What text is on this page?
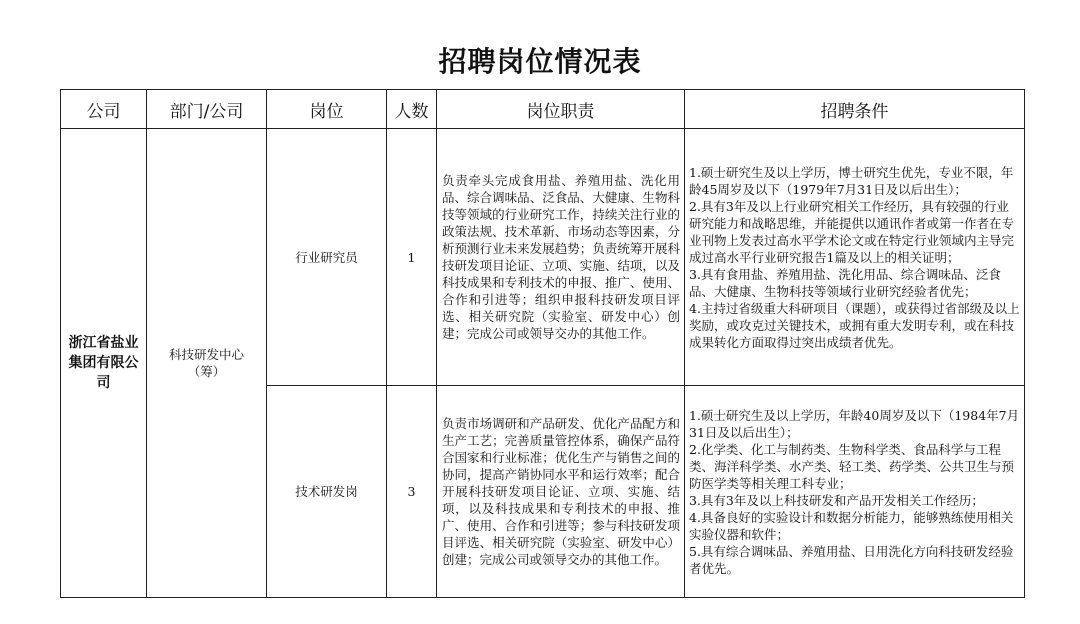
招聘岗位情况表
公司	部门/公司	岗位	人数	岗位职责	招聘条件
浙江省盐业集团有限公司	科技研发中心（筹）	行业研究员	1	负责牵头完成食用盐、养殖用盐、洗化用品、综合调味品、泛食品、大健康、生物科技等领域的行业研究工作，持续关注行业的政策法规、技术革新、市场动态等因素，分析预测行业未来发展趋势；负责统筹开展科技研发项目论证、立项、实施、结项，以及科技成果和专利技术的申报、推广、使用、合作和引进等；组织申报科技研发项目评选、相关研究院（实验室、研发中心）创建；完成公司或领导交办的其他工作。	1.硕士研究生及以上学历，博士研究生优先，专业不限，年龄45周岁及以下（1979年7月31日及以后出生）；
2.具有3年及以上行业研究相关工作经历，具有较强的行业研究能力和战略思维，并能提供以通讯作者或第一作者在专业刊物上发表过高水平学术论文或在特定行业领域内主导完成过高水平行业研究报告1篇及以上的相关证明；
3.具有食用盐、养殖用盐、洗化用品、综合调味品、泛食品、大健康、生物科技等领域行业研究经验者优先；
4.主持过省级重大科研项目（课题），或获得过省部级及以上奖励，或攻克过关键技术，或拥有重大发明专利，或在科技成果转化方面取得过突出成绩者优先。

		技术研发岗	3	负责市场调研和产品研发、优化产品配方和生产工艺；完善质量管控体系，确保产品符合国家和行业标准；优化生产与销售之间的协同，提高产销协同水平和运行效率；配合开展科技研发项目论证、立项、实施、结项，以及科技成果和专利技术的申报、推广、使用、合作和引进等；参与科技研发项目评选、相关研究院（实验室、研发中心）创建；完成公司或领导交办的其他工作。	1.硕士研究生及以上学历，年龄40周岁及以下（1984年7月31日及以后出生）；
2.化学类、化工与制药类、生物科学类、食品科学与工程类、海洋科学类、水产类、轻工类、药学类、公共卫生与预防医学类等相关理工科专业；
3.具有3年及以上科技研发和产品开发相关工作经历；
4.具备良好的实验设计和数据分析能力，能够熟练使用相关实验仪器和软件；
5.具有综合调味品、养殖用盐、日用洗化方向科技研发经验者优先。
